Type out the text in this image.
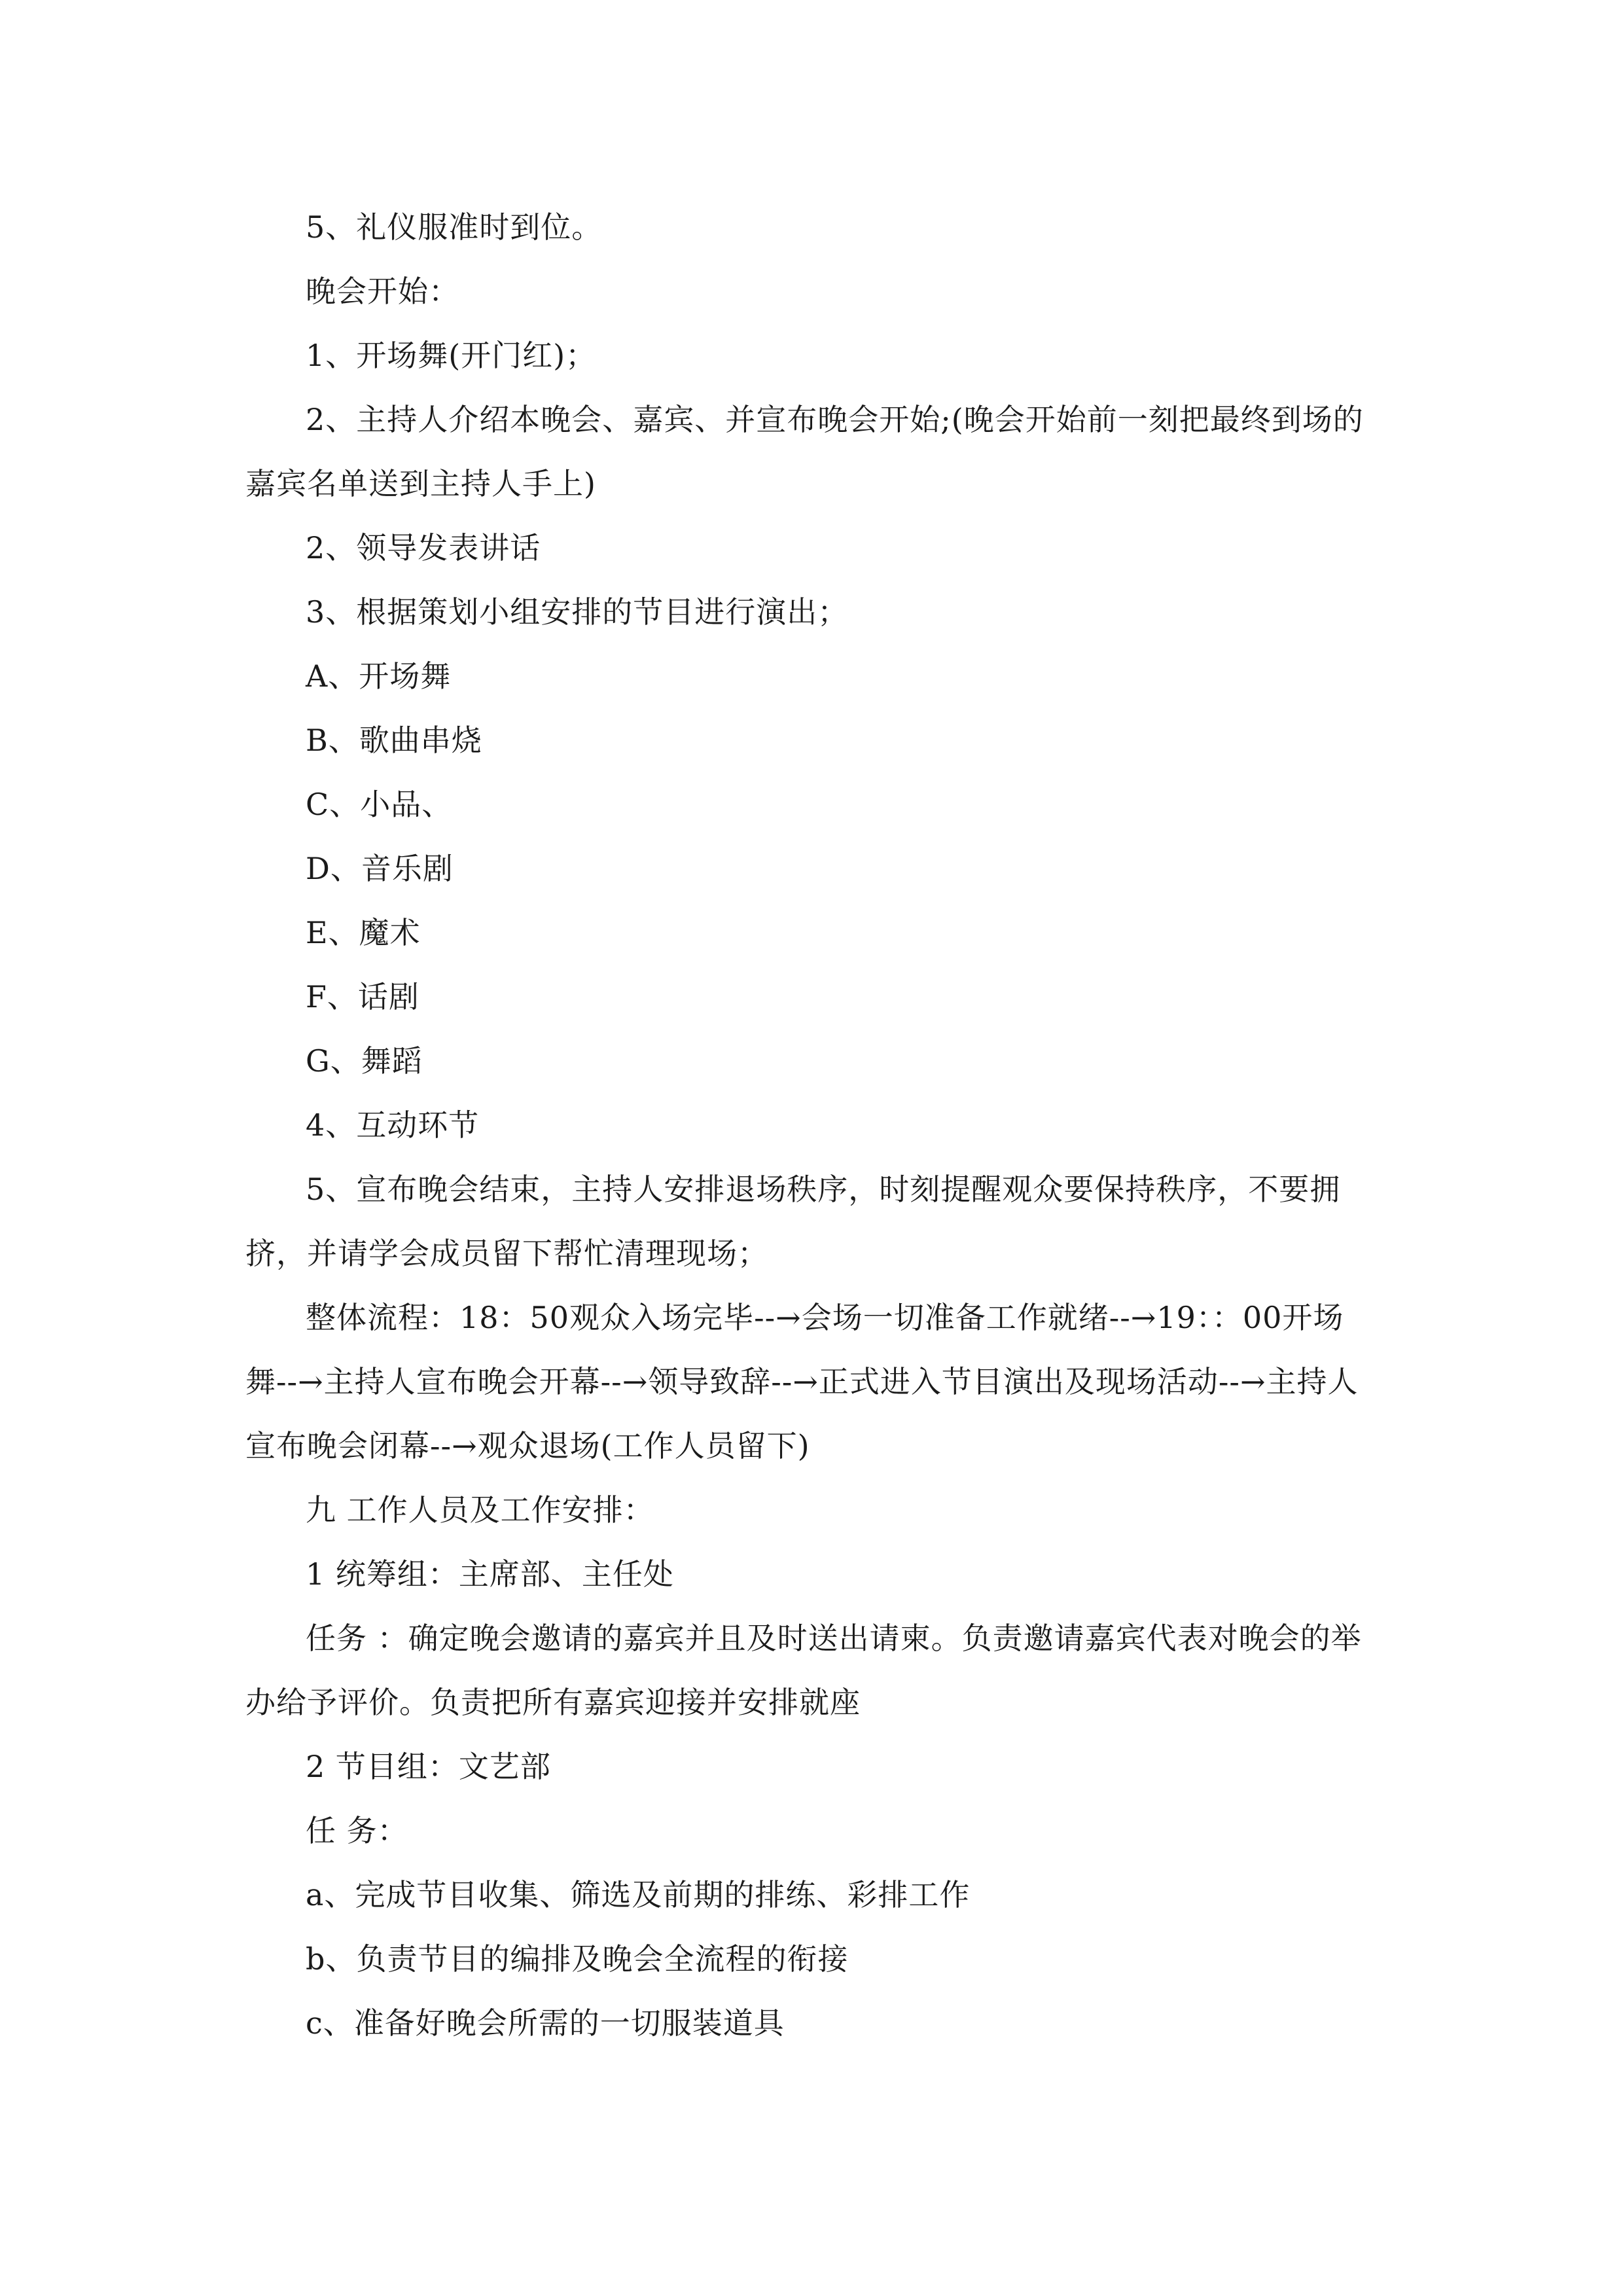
5、礼仪服准时到位。

晚会开始：

1、开场舞(开门红)；

2、主持人介绍本晚会、嘉宾、并宣布晚会开始;(晚会开始前一刻把最终到场的嘉宾名单送到主持人手上)

2、领导发表讲话

3、根据策划小组安排的节目进行演出；

A、开场舞

B、歌曲串烧

C、小品、

D、音乐剧

E、魔术

F、话剧

G、舞蹈

4、互动环节

5、宣布晚会结束，主持人安排退场秩序，时刻提醒观众要保持秩序，不要拥挤，并请学会成员留下帮忙清理现场；

整体流程：18：50观众入场完毕--→会场一切准备工作就绪--→19：：00开场舞--→主持人宣布晚会开幕--→领导致辞--→正式进入节目演出及现场活动--→主持人宣布晚会闭幕--→观众退场(工作人员留下)

九 工作人员及工作安排：

1 统筹组：主席部、主任处

任务 ：确定晚会邀请的嘉宾并且及时送出请柬。负责邀请嘉宾代表对晚会的举办给予评价。负责把所有嘉宾迎接并安排就座

2 节目组：文艺部

任 务：

a、完成节目收集、筛选及前期的排练、彩排工作

b、负责节目的编排及晚会全流程的衔接

c、准备好晚会所需的一切服装道具
